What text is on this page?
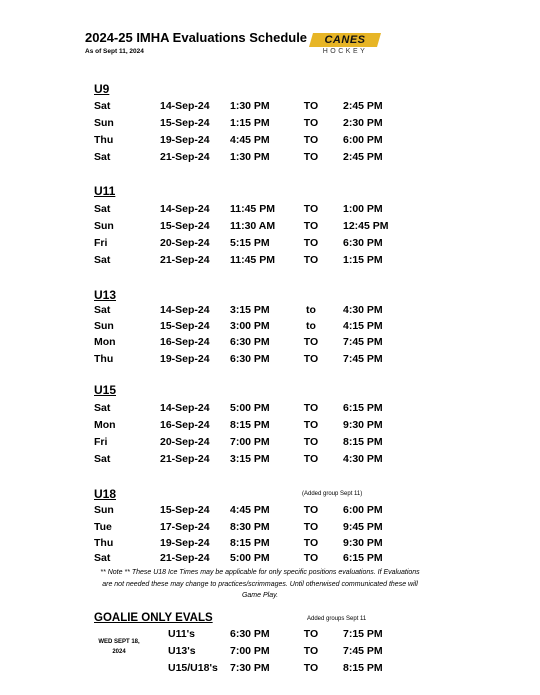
2024-25 IMHA Evaluations Schedule
As of Sept 11, 2024
CANES
HOCKEY
U9
Sat	14-Sep-24 1:30 PM	TO	2:45 PM
Sun	15-Sep-24 1:15 PM	TO	2:30 PM
Thu	19-Sep-24 4:45 PM	TO	6:00 PM
Sat	21-Sep-24 1:30 PM	TO	2:45 PM
U11
Sat	14-Sep-24 11:45 PM	TO	1:00 PM
Sun	15-Sep-24 11:30 AM	TO	12:45 PM
Fri	20-Sep-24 5:15 PM	TO	6:30 PM
Sat	21-Sep-24 11:45 PM	TO	1:15 PM
U13
Sat	14-Sep-24 3:15 PM	to	4:30 PM
Sun	15-Sep-24 3:00 PM	to	4:15 PM
Mon	16-Sep-24 6:30 PM	TO	7:45 PM
Thu	19-Sep-24 6:30 PM	TO	7:45 PM
U15
Sat	14-Sep-24 5:00 PM	TO	6:15 PM
Mon	16-Sep-24 8:15 PM	TO	9:30 PM
Fri	20-Sep-24 7:00 PM	TO	8:15 PM
Sat	21-Sep-24 3:15 PM	TO	4:30 PM
U18	(Added group Sept 11)
Sun	15-Sep-24 4:45 PM	TO	6:00 PM
Tue	17-Sep-24 8:30 PM	TO	9:45 PM
Thu	19-Sep-24 8:15 PM	TO	9:30 PM
Sat	21-Sep-24 5:00 PM	TO	6:15 PM
** Note ** These U18 Ice Times may be applicable for only specific positions evaluations. If Evaluations are not needed these may change to practices/scrimmages. Until otherwised communicated these will Game Play.
GOALIE ONLY EVALS	Added groups Sept 11
WED SEPT 18, 2024
U11's	6:30 PM	TO	7:15 PM
U13's	7:00 PM	TO	7:45 PM
U15/U18's 7:30 PM	TO	8:15 PM
